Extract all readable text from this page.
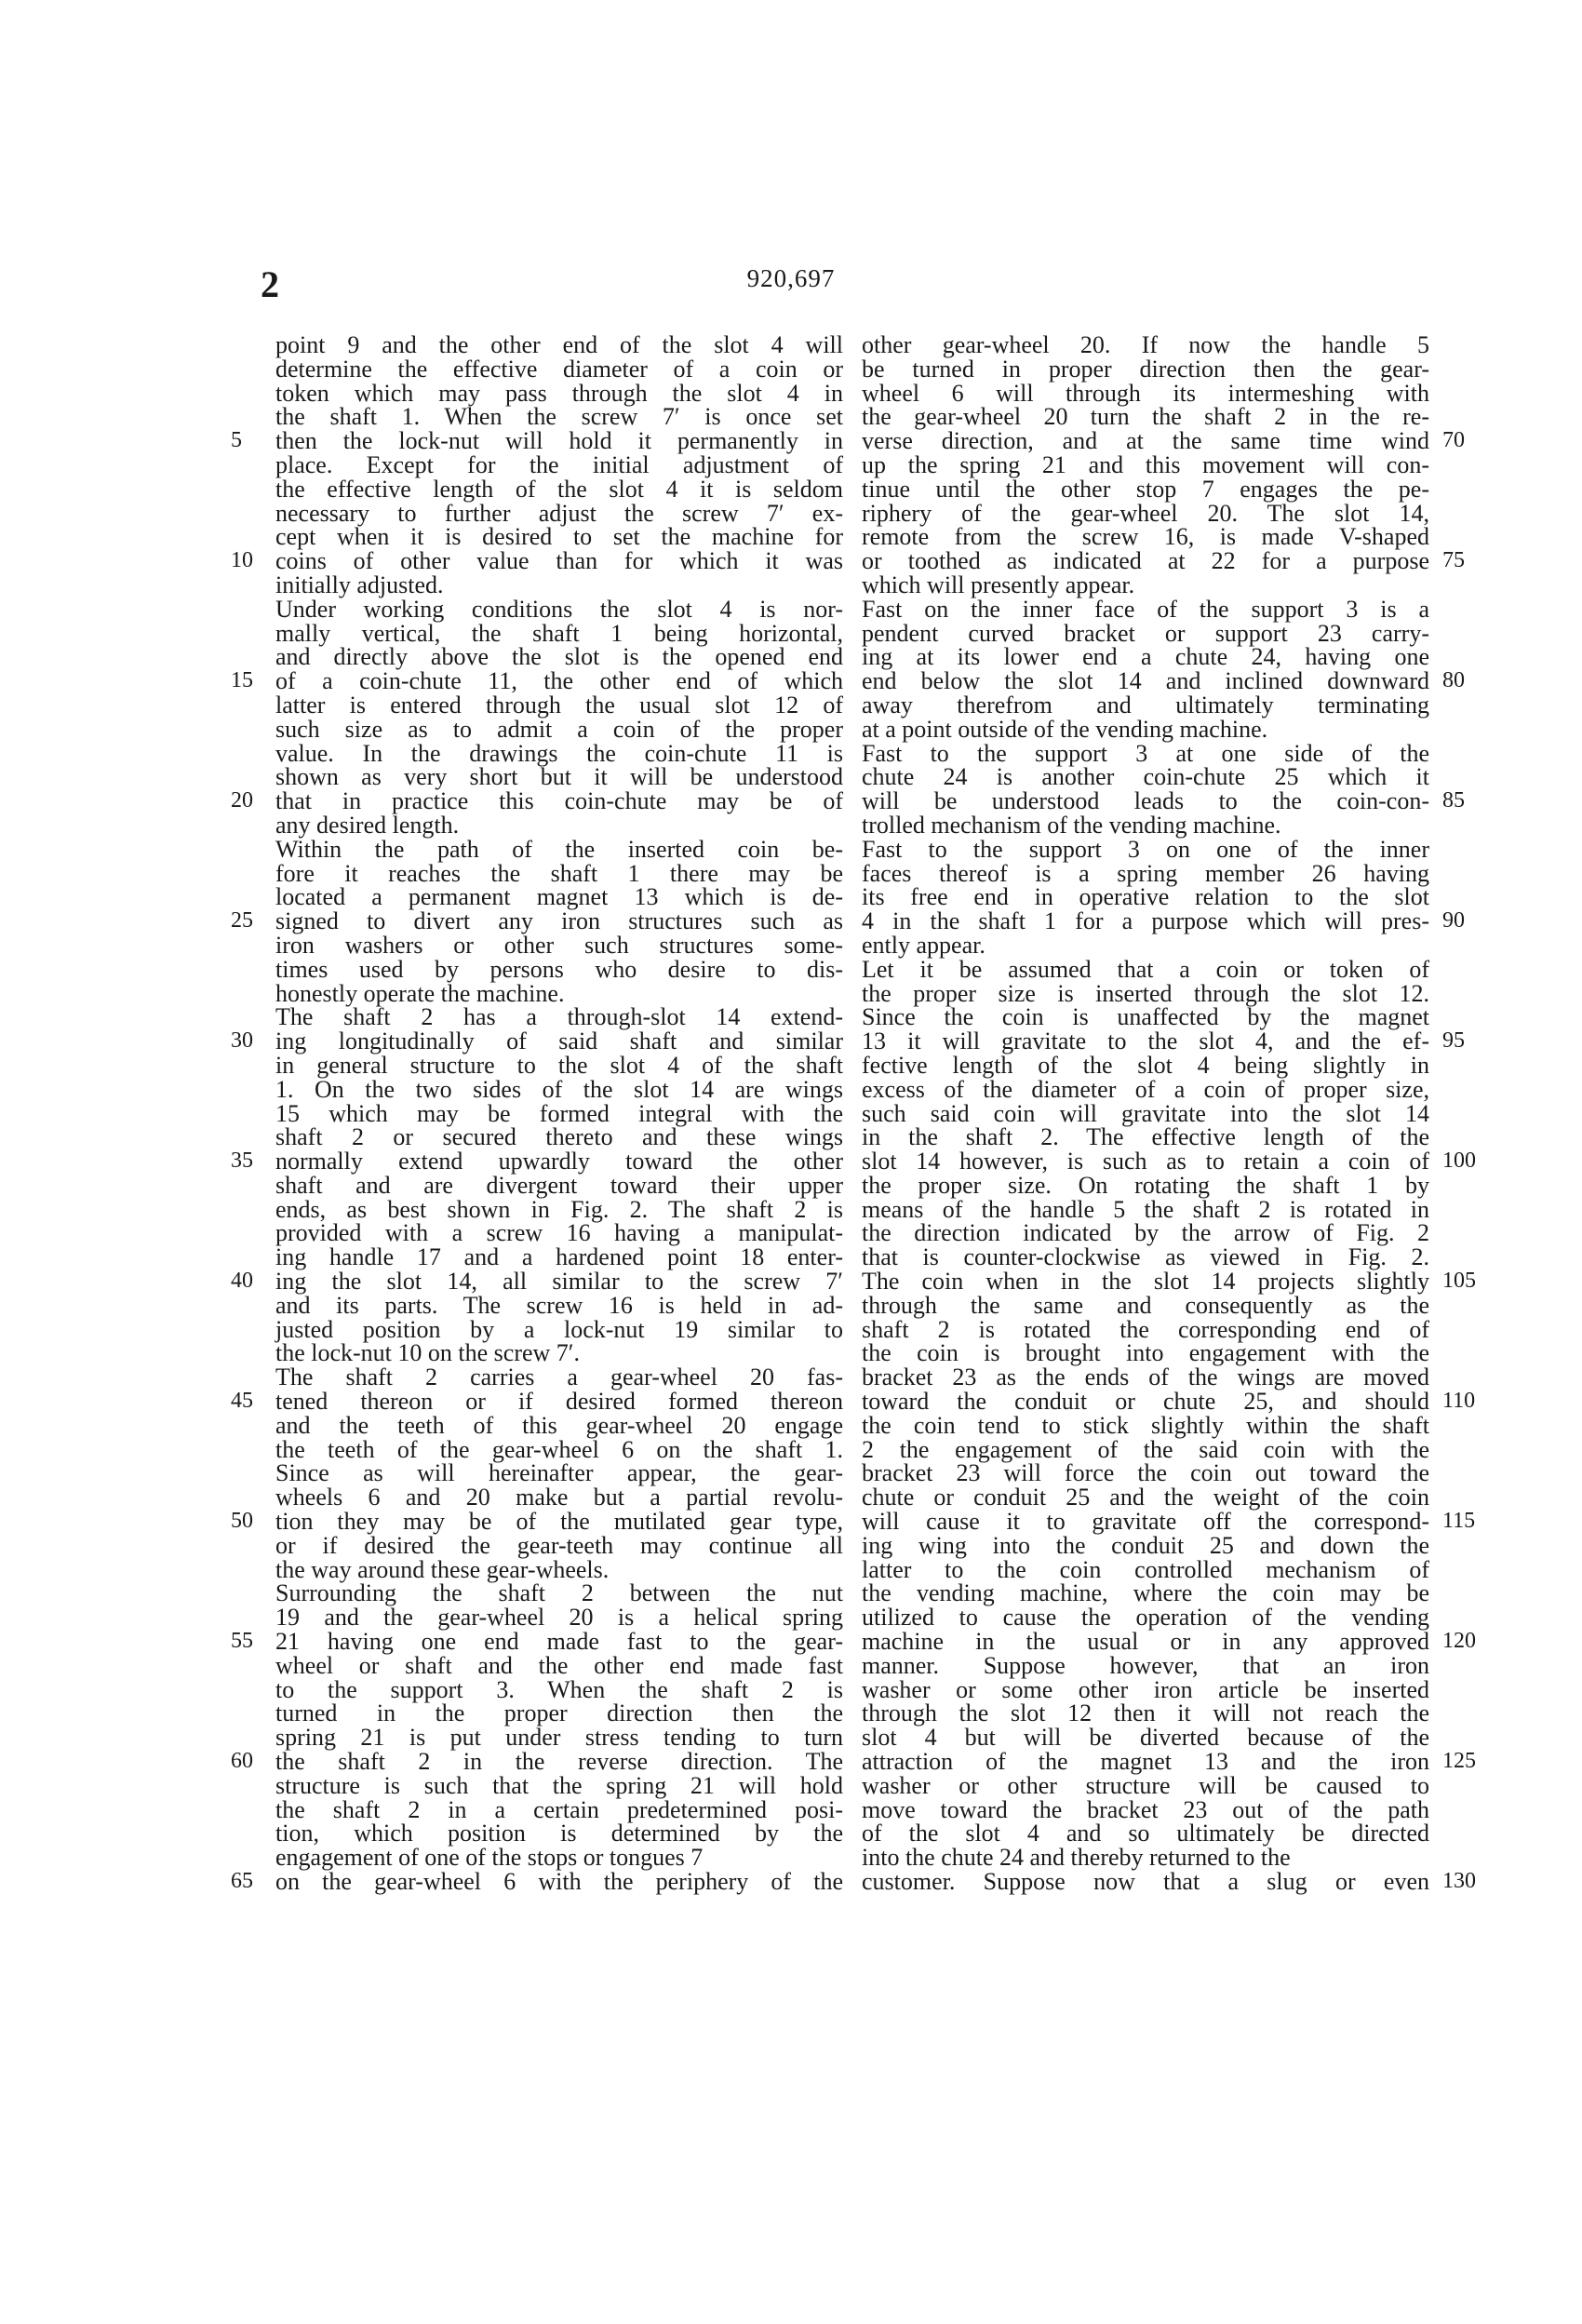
2	920,697
point 9 and the other end of the slot 4 will
determine the effective diameter of a coin or
token which may pass through the slot 4 in
the shaft 1. When the screw 7′ is once set
then the lock-nut will hold it permanently in
place. Except for the initial adjustment of
the effective length of the slot 4 it is seldom
necessary to further adjust the screw 7′ ex-
cept when it is desired to set the machine for
coins of other value than for which it was
initially adjusted.
Under working conditions the slot 4 is nor-
mally vertical, the shaft 1 being horizontal,
and directly above the slot is the opened end
of a coin-chute 11, the other end of which
latter is entered through the usual slot 12 of
such size as to admit a coin of the proper
value. In the drawings the coin-chute 11 is
shown as very short but it will be understood
that in practice this coin-chute may be of
any desired length.
Within the path of the inserted coin be-
fore it reaches the shaft 1 there may be
located a permanent magnet 13 which is de-
signed to divert any iron structures such as
iron washers or other such structures some-
times used by persons who desire to dis-
honestly operate the machine.
The shaft 2 has a through-slot 14 extend-
ing longitudinally of said shaft and similar
in general structure to the slot 4 of the shaft
1. On the two sides of the slot 14 are wings
15 which may be formed integral with the
shaft 2 or secured thereto and these wings
normally extend upwardly toward the other
shaft and are divergent toward their upper
ends, as best shown in Fig. 2. The shaft 2 is
provided with a screw 16 having a manipulat-
ing handle 17 and a hardened point 18 enter-
ing the slot 14, all similar to the screw 7′
and its parts. The screw 16 is held in ad-
justed position by a lock-nut 19 similar to
the lock-nut 10 on the screw 7′.
The shaft 2 carries a gear-wheel 20 fas-
tened thereon or if desired formed thereon
and the teeth of this gear-wheel 20 engage
the teeth of the gear-wheel 6 on the shaft 1.
Since as will hereinafter appear, the gear-
wheels 6 and 20 make but a partial revolu-
tion they may be of the mutilated gear type,
or if desired the gear-teeth may continue all
the way around these gear-wheels.
Surrounding the shaft 2 between the nut
19 and the gear-wheel 20 is a helical spring
21 having one end made fast to the gear-
wheel or shaft and the other end made fast
to the support 3. When the shaft 2 is
turned in the proper direction then the
spring 21 is put under stress tending to turn
the shaft 2 in the reverse direction. The
structure is such that the spring 21 will hold
the shaft 2 in a certain predetermined posi-
tion, which position is determined by the
engagement of one of the stops or tongues 7
on the gear-wheel 6 with the periphery of the
other gear-wheel 20. If now the handle 5
be turned in proper direction then the gear-
wheel 6 will through its intermeshing with
the gear-wheel 20 turn the shaft 2 in the re-
verse direction, and at the same time wind
up the spring 21 and this movement will con-
tinue until the other stop 7 engages the pe-
riphery of the gear-wheel 20. The slot 14,
remote from the screw 16, is made V-shaped
or toothed as indicated at 22 for a purpose
which will presently appear.
Fast on the inner face of the support 3 is a
pendent curved bracket or support 23 carry-
ing at its lower end a chute 24, having one
end below the slot 14 and inclined downward
away therefrom and ultimately terminating
at a point outside of the vending machine.
Fast to the support 3 at one side of the
chute 24 is another coin-chute 25 which it
will be understood leads to the coin-con-
trolled mechanism of the vending machine.
Fast to the support 3 on one of the inner
faces thereof is a spring member 26 having
its free end in operative relation to the slot
4 in the shaft 1 for a purpose which will pres-
ently appear.
Let it be assumed that a coin or token of
the proper size is inserted through the slot 12.
Since the coin is unaffected by the magnet
13 it will gravitate to the slot 4, and the ef-
fective length of the slot 4 being slightly in
excess of the diameter of a coin of proper size,
such said coin will gravitate into the slot 14
in the shaft 2. The effective length of the
slot 14 however, is such as to retain a coin of
the proper size. On rotating the shaft 1 by
means of the handle 5 the shaft 2 is rotated in
the direction indicated by the arrow of Fig. 2
that is counter-clockwise as viewed in Fig. 2.
The coin when in the slot 14 projects slightly
through the same and consequently as the
shaft 2 is rotated the corresponding end of
the coin is brought into engagement with the
bracket 23 as the ends of the wings are moved
toward the conduit or chute 25, and should
the coin tend to stick slightly within the shaft
2 the engagement of the said coin with the
bracket 23 will force the coin out toward the
chute or conduit 25 and the weight of the coin
will cause it to gravitate off the correspond-
ing wing into the conduit 25 and down the
latter to the coin controlled mechanism of
the vending machine, where the coin may be
utilized to cause the operation of the vending
machine in the usual or in any approved
manner. Suppose however, that an iron
washer or some other iron article be inserted
through the slot 12 then it will not reach the
slot 4 but will be diverted because of the
attraction of the magnet 13 and the iron
washer or other structure will be caused to
move toward the bracket 23 out of the path
of the slot 4 and so ultimately be directed
into the chute 24 and thereby returned to the
customer. Suppose now that a slug or even
5
10
15
20
25
30
35
40
45
50
55
60
65
70
75
80
85
90
95
100
105
110
115
120
125
130
